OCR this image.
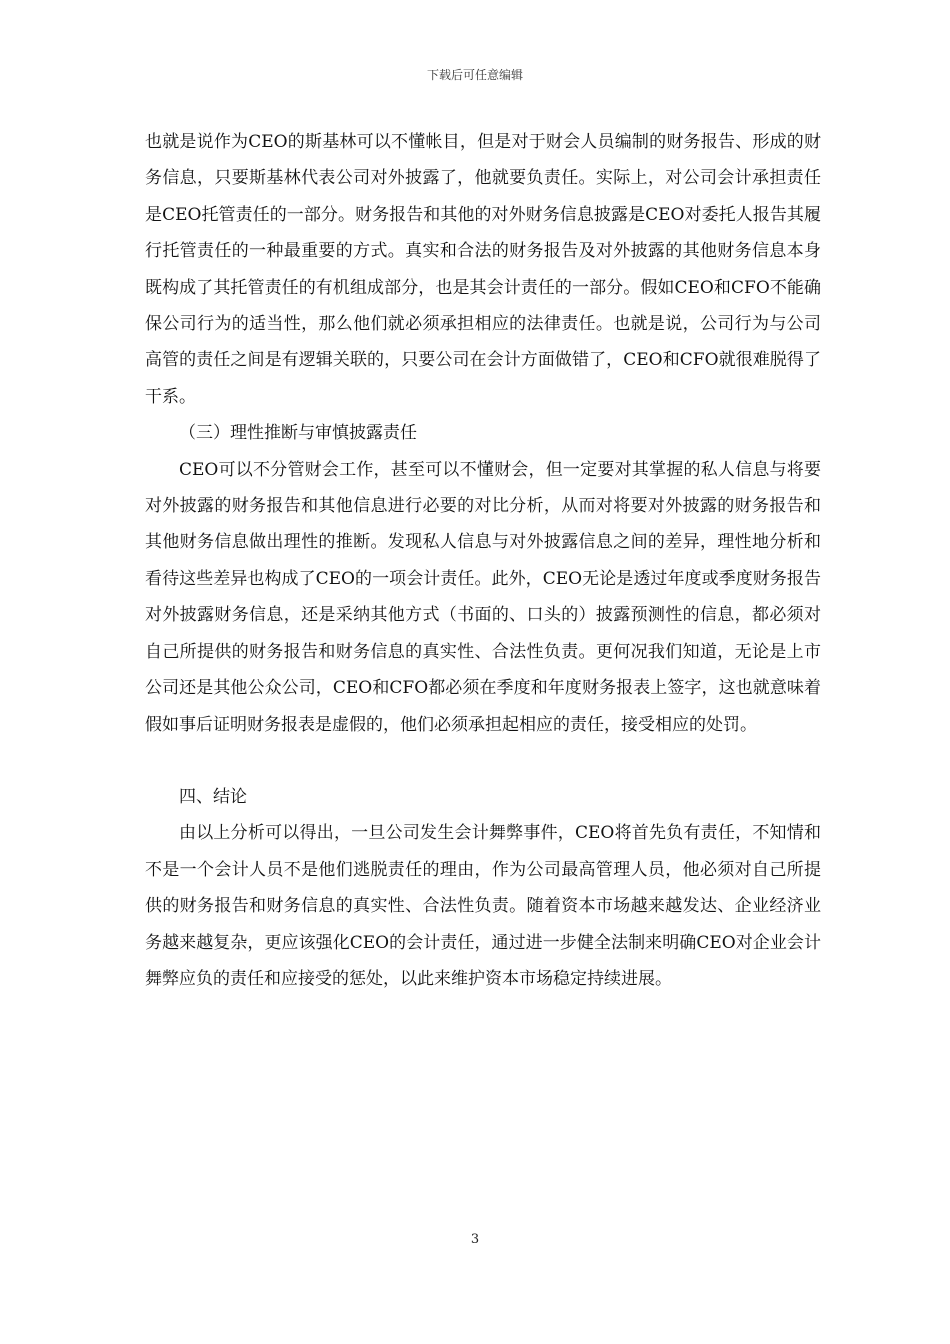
下载后可任意编辑

也就是说作为CEO的斯基林可以不懂帐目，但是对于财会人员编制的财务报告、形成的财务信息，只要斯基林代表公司对外披露了，他就要负责任。实际上，对公司会计承担责任是CEO托管责任的一部分。财务报告和其他的对外财务信息披露是CEO对委托人报告其履行托管责任的一种最重要的方式。真实和合法的财务报告及对外披露的其他财务信息本身既构成了其托管责任的有机组成部分，也是其会计责任的一部分。假如CEO和CFO不能确保公司行为的适当性，那么他们就必须承担相应的法律责任。也就是说，公司行为与公司高管的责任之间是有逻辑关联的，只要公司在会计方面做错了，CEO和CFO就很难脱得了干系。

（三）理性推断与审慎披露责任

CEO可以不分管财会工作，甚至可以不懂财会，但一定要对其掌握的私人信息与将要对外披露的财务报告和其他信息进行必要的对比分析，从而对将要对外披露的财务报告和其他财务信息做出理性的推断。发现私人信息与对外披露信息之间的差异，理性地分析和看待这些差异也构成了CEO的一项会计责任。此外，CEO无论是透过年度或季度财务报告对外披露财务信息，还是采纳其他方式（书面的、口头的）披露预测性的信息，都必须对自己所提供的财务报告和财务信息的真实性、合法性负责。更何况我们知道，无论是上市公司还是其他公众公司，CEO和CFO都必须在季度和年度财务报表上签字，这也就意味着假如事后证明财务报表是虚假的，他们必须承担起相应的责任，接受相应的处罚。

四、结论

由以上分析可以得出，一旦公司发生会计舞弊事件，CEO将首先负有责任，不知情和不是一个会计人员不是他们逃脱责任的理由，作为公司最高管理人员，他必须对自己所提供的财务报告和财务信息的真实性、合法性负责。随着资本市场越来越发达、企业经济业务越来越复杂，更应该强化CEO的会计责任，通过进一步健全法制来明确CEO对企业会计舞弊应负的责任和应接受的惩处，以此来维护资本市场稳定持续进展。

3
